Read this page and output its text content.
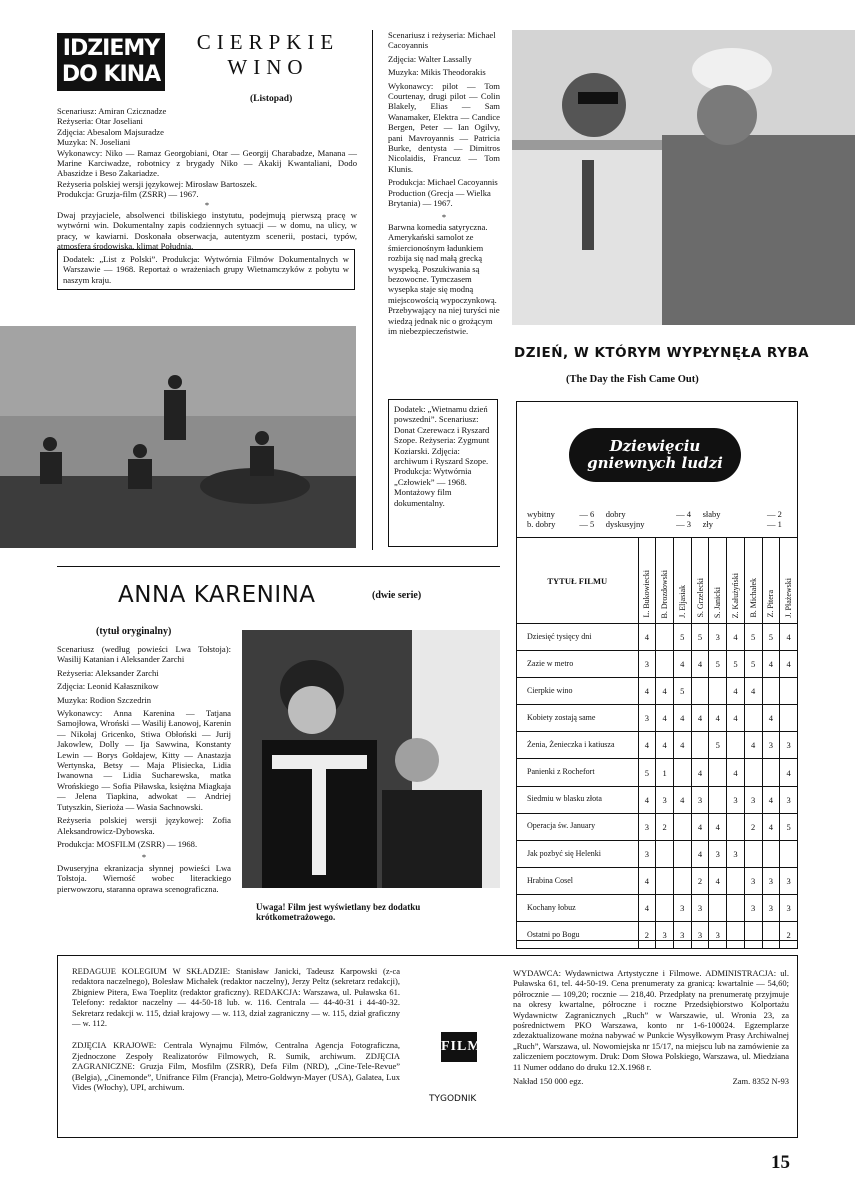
IDZIEMY
DO KINA
CIERPKIE
WINO
(Listopad)

Scenariusz: Amiran Czicznadze

Reżyseria: Otar Joseliani

Zdjęcia: Abesalom Majsuradze

Muzyka: N. Joseliani

Wykonawcy: Niko — Ramaz Georgobiani, Otar — Georgij Charabadze, Manana — Marine Karciwadze, robotnicy z brygady Niko — Akakij Kwantaliani, Dodo Abaszidze i Beso Zakariadze.

Reżyseria polskiej wersji językowej: Mirosław Bartoszek.

Produkcja: Gruzja-film (ZSRR) — 1967.

*

Dwaj przyjaciele, absolwenci tbiliskiego instytutu, podejmują pierwszą pracę w wytwórni win. Dokumentalny zapis codziennych sytuacji — w domu, na ulicy, w pracy, w kawiarni. Doskonała obserwacja, autentyzm scenerii, postaci, typów, atmosfera środowiska, klimat Południa.

Dodatek: „List z Polski”. Produkcja: Wytwórnia Filmów Dokumentalnych w Warszawie — 1968. Reportaż o wrażeniach grupy Wietnamczyków z pobytu w naszym kraju.

Scenariusz i reżyseria: Michael Cacoyannis

Zdjęcia: Walter Lassally

Muzyka: Mikis Theodorakis

Wykonawcy: pilot — Tom Courtenay, drugi pilot — Colin Blakely, Elias — Sam Wanamaker, Elektra — Candice Bergen, Peter — Ian Ogilvy, pani Mavroyannis — Patricia Burke, dentysta — Dimitros Nicolaidis, Francuz — Tom Klunis.

Produkcja: Michael Cacoyannis Production (Grecja — Wielka Brytania) — 1967.

*

Barwna komedia satyryczna. Amerykański samolot ze śmiercionośnym ładunkiem rozbija się nad małą grecką wyspeką. Poszukiwania są bezowocne. Tymczasem wysepka staje się modną miejscowością wypoczynkową. Przebywający na niej turyści nie wiedzą jednak nic o grożącym im niebezpieczeństwie.

Dodatek: „Wietnamu dzień powszedni”. Scenariusz: Donat Czerewacz i Ryszard Szope. Reżyseria: Zygmunt Koziarski. Zdjęcia: archiwum i Ryszard Szope. Produkcja: Wytwórnia „Człowiek” — 1968. Montażowy film dokumentalny.

DZIEŃ, W KTÓRYM WYPŁYNĘŁA RYBA
(The Day the Fish Came Out)
Dziewięciu
gniewnych ludzi
wybitny	— 6	dobry	— 4	słaby	— 2
b. dobry	— 5	dyskusyjny	— 3	zły	— 1
TYTUŁ FILMU	L. Bukowiecki	B. Drozdowski	J. Eljasiak	S. Grzelecki	S. Janicki	Z. Kałużyński	B. Michałek	Z. Pitera	J. Płażewski
Dziesięć tysięcy dni	4		5	5	3	4	5	5	4
Zazie w metro	3		4	4	5	5	5	4	4
Cierpkie wino	4	4	5			4	4		
Kobiety zostają same	3	4	4	4	4	4		4	
Żenia, Żenieczka i katiusza	4	4	4		5		4	3	3
Panienki z Rochefort	5	1		4		4			4
Siedmiu w blasku złota	4	3	4	3		3	3	4	3
Operacja św. January	3	2		4	4		2	4	5
Jak pozbyć się Helenki	3			4	3	3			
Hrabina Cosel	4			2	4		3	3	3
Kochany łobuz	4		3	3			3	3	3
Ostatni po Bogu	2	3	3	3	3				2
ANNA KARENINA	(dwie serie)
(tytuł oryginalny)

Scenariusz (według powieści Lwa Tołstoja): Wasilij Katanian i Aleksander Zarchi

Reżyseria: Aleksander Zarchi

Zdjęcia: Leonid Kałasznikow

Muzyka: Rodion Szczedrin

Wykonawcy: Anna Karenina — Tatjana Samojłowa, Wroński — Wasilij Łanowoj, Karenin — Nikołaj Gricenko, Stiwa Obłoński — Jurij Jakowlew, Dolly — Ija Sawwina, Konstanty Lewin — Borys Gołdajew, Kitty — Anastazja Wertynska, Betsy — Maja Plisiecka, Lidia Iwanowna — Lidia Sucharewska, matka Wrońskiego — Sofia Piławska, księżna Miagkaja — Jelena Tiapkina, adwokat — Andriej Tutyszkin, Sierioża — Wasia Sachnowski.

Reżyseria polskiej wersji językowej: Zofia Aleksandrowicz-Dybowska.

Produkcja: MOSFILM (ZSRR) — 1968.

*

Dwuseryjna ekranizacja słynnej powieści Lwa Tołstoja. Wierność wobec literackiego pierwowzoru, staranna oprawa scenograficzna.

Uwaga! Film jest wyświetlany bez dodatku krótkometrażowego.

REDAGUJE KOLEGIUM W SKŁADZIE: Stanisław Janicki, Tadeusz Karpowski (z-ca redaktora naczelnego), Bolesław Michałek (redaktor naczelny), Jerzy Peltz (sekretarz redakcji), Zbigniew Pitera, Ewa Toeplitz (redaktor graficzny). REDAKCJA: Warszawa, ul. Puławska 61. Telefony: redaktor naczelny — 44-50-18 lub. w. 116. Centrala — 44-40-31 i 44-40-32. Sekretarz redakcji w. 115, dział krajowy — w. 113, dział zagraniczny — w. 115, dział graficzny — w. 112.

ZDJĘCIA KRAJOWE: Centrala Wynajmu Filmów, Centralna Agencja Fotograficzna, Zjednoczone Zespoły Realizatorów Filmowych, R. Sumik, archiwum. ZDJĘCIA ZAGRANICZNE: Gruzja Film, Mosfilm (ZSRR), Defa Film (NRD), „Cine-Tele-Revue” (Belgia), „Cinemonde”, Unifrance Film (Francja), Metro-Goldwyn-Mayer (USA), Galatea, Lux Vides (Włochy), UPI, archiwum.

FILM
TYGODNIK

WYDAWCA: Wydawnictwa Artystyczne i Filmowe. ADMINISTRACJA: ul. Puławska 61, tel. 44-50-19. Cena prenumeraty za granicą: kwartalnie — 54,60; półrocznie — 109,20; rocznie — 218,40. Przedpłaty na prenumeratę przyjmuje na okresy kwartalne, półroczne i roczne Przedsiębiorstwo Kolportażu Wydawnictw Zagranicznych „Ruch” w Warszawie, ul. Wronia 23, za pośrednictwem PKO Warszawa, konto nr 1-6-100024. Egzemplarze zdezaktualizowane można nabywać w Punkcie Wysyłkowym Prasy Archiwalnej „Ruch”, Warszawa, ul. Nowomiejska nr 15/17, na miejscu lub na zamówienie za zaliczeniem pocztowym. Druk: Dom Słowa Polskiego, Warszawa, ul. Miedziana 11 Numer oddano do druku 12.X.1968 r.

Nakład 150 000 egz.	Zam. 8352 N-93
15
